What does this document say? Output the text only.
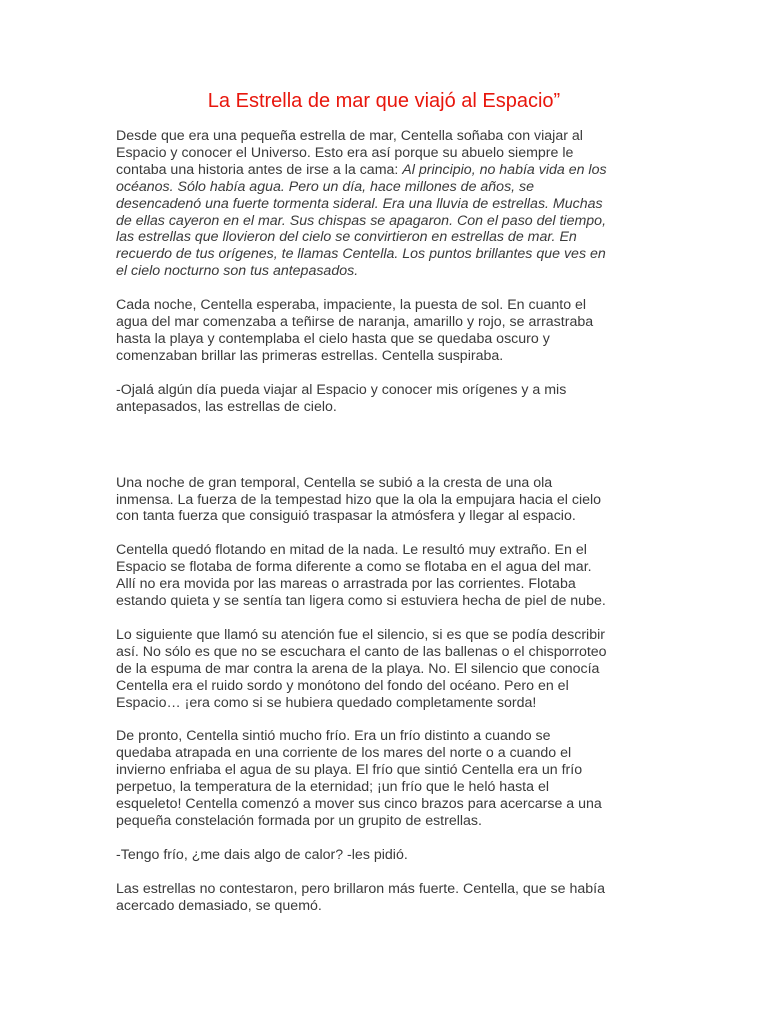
La Estrella de mar que viajó al Espacio”

Desde que era una pequeña estrella de mar, Centella soñaba con viajar al
Espacio y conocer el Universo. Esto era así porque su abuelo siempre le
contaba una historia antes de irse a la cama: Al principio, no había vida en los
océanos. Sólo había agua. Pero un día, hace millones de años, se
desencadenó una fuerte tormenta sideral. Era una lluvia de estrellas. Muchas
de ellas cayeron en el mar. Sus chispas se apagaron. Con el paso del tiempo,
las estrellas que llovieron del cielo se convirtieron en estrellas de mar. En
recuerdo de tus orígenes, te llamas Centella. Los puntos brillantes que ves en
el cielo nocturno son tus antepasados.

Cada noche, Centella esperaba, impaciente, la puesta de sol. En cuanto el
agua del mar comenzaba a teñirse de naranja, amarillo y rojo, se arrastraba
hasta la playa y contemplaba el cielo hasta que se quedaba oscuro y
comenzaban brillar las primeras estrellas. Centella suspiraba.

-Ojalá algún día pueda viajar al Espacio y conocer mis orígenes y a mis
antepasados, las estrellas de cielo.

Una noche de gran temporal, Centella se subió a la cresta de una ola
inmensa. La fuerza de la tempestad hizo que la ola la empujara hacia el cielo
con tanta fuerza que consiguió traspasar la atmósfera y llegar al espacio.

Centella quedó flotando en mitad de la nada. Le resultó muy extraño. En el
Espacio se flotaba de forma diferente a como se flotaba en el agua del mar.
Allí no era movida por las mareas o arrastrada por las corrientes. Flotaba
estando quieta y se sentía tan ligera como si estuviera hecha de piel de nube.

Lo siguiente que llamó su atención fue el silencio, si es que se podía describir
así. No sólo es que no se escuchara el canto de las ballenas o el chisporroteo
de la espuma de mar contra la arena de la playa. No. El silencio que conocía
Centella era el ruido sordo y monótono del fondo del océano. Pero en el
Espacio… ¡era como si se hubiera quedado completamente sorda!

De pronto, Centella sintió mucho frío. Era un frío distinto a cuando se
quedaba atrapada en una corriente de los mares del norte o a cuando el
invierno enfriaba el agua de su playa. El frío que sintió Centella era un frío
perpetuo, la temperatura de la eternidad; ¡un frío que le heló hasta el
esqueleto! Centella comenzó a mover sus cinco brazos para acercarse a una
pequeña constelación formada por un grupito de estrellas.

-Tengo frío, ¿me dais algo de calor? -les pidió.

Las estrellas no contestaron, pero brillaron más fuerte. Centella, que se había
acercado demasiado, se quemó.
